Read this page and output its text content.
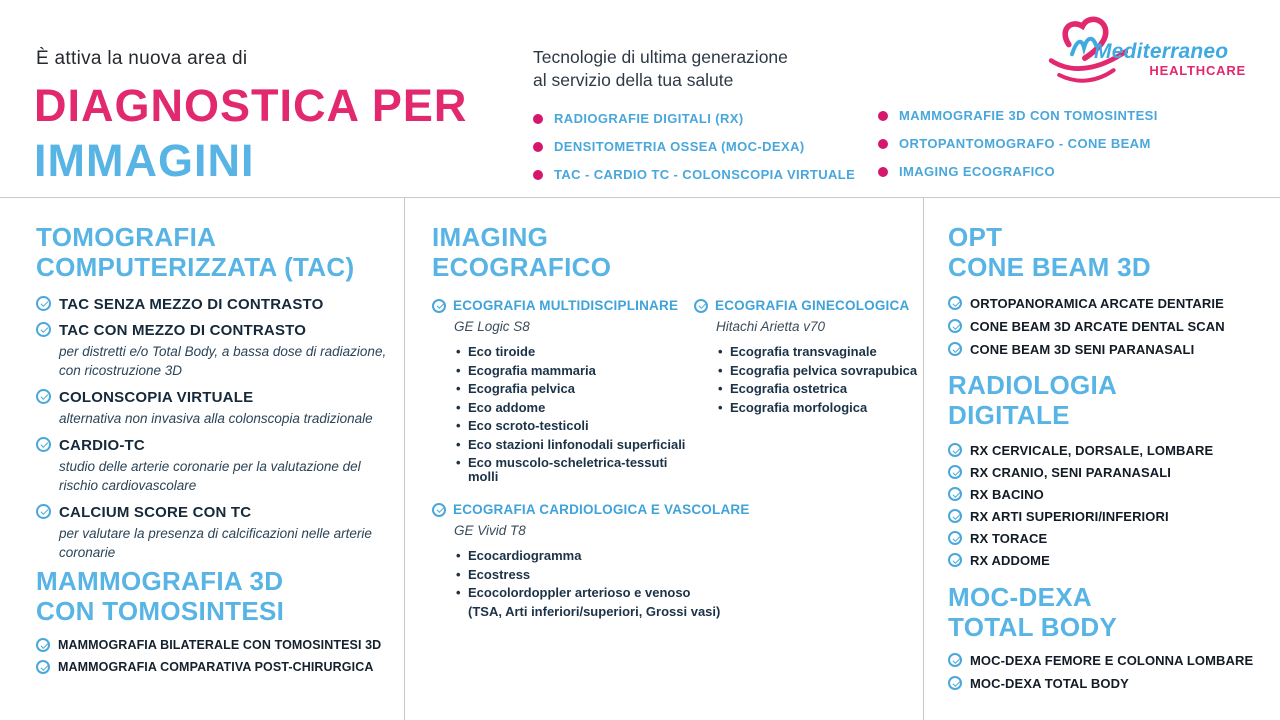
È attiva la nuova area di
DIAGNOSTICA PER
IMMAGINI
Tecnologie di ultima generazione
al servizio della tua salute
RADIOGRAFIE DIGITALI (RX)
DENSITOMETRIA OSSEA (MOC-DEXA)
TAC - CARDIO TC - COLONSCOPIA VIRTUALE
MAMMOGRAFIE 3D CON TOMOSINTESI
ORTOPANTOMOGRAFO - CONE BEAM
IMAGING ECOGRAFICO
Mediterraneo
HEALTHCARE
TOMOGRAFIA
COMPUTERIZZATA (TAC)
TAC SENZA MEZZO DI CONTRASTO
TAC CON MEZZO DI CONTRASTO
per distretti e/o Total Body, a bassa dose di radiazione, con ricostruzione 3D
COLONSCOPIA VIRTUALE
alternativa non invasiva alla colonscopia tradizionale
CARDIO-TC
studio delle arterie coronarie per la valutazione del rischio cardiovascolare
CALCIUM SCORE CON TC
per valutare la presenza di calcificazioni nelle arterie coronarie
MAMMOGRAFIA 3D
CON TOMOSINTESI
MAMMOGRAFIA BILATERALE CON TOMOSINTESI 3D
MAMMOGRAFIA COMPARATIVA POST-CHIRURGICA
IMAGING
ECOGRAFICO
ECOGRAFIA MULTIDISCIPLINARE
GE Logic S8
• Eco tiroide
• Ecografia mammaria
• Ecografia pelvica
• Eco addome
• Eco scroto-testicoli
• Eco stazioni linfonodali superficiali
• Eco muscolo-scheletrica-tessuti molli
ECOGRAFIA GINECOLOGICA
Hitachi Arietta v70
• Ecografia transvaginale
• Ecografia pelvica sovrapubica
• Ecografia ostetrica
• Ecografia morfologica
ECOGRAFIA CARDIOLOGICA E VASCOLARE
GE Vivid T8
• Ecocardiogramma
• Ecostress
• Ecocolordoppler arterioso e venoso
(TSA, Arti inferiori/superiori, Grossi vasi)
OPT
CONE BEAM 3D
ORTOPANORAMICA ARCATE DENTARIE
CONE BEAM 3D ARCATE DENTAL SCAN
CONE BEAM 3D SENI PARANASALI
RADIOLOGIA
DIGITALE
RX CERVICALE, DORSALE, LOMBARE
RX CRANIO, SENI PARANASALI
RX BACINO
RX ARTI SUPERIORI/INFERIORI
RX TORACE
RX ADDOME
MOC-DEXA
TOTAL BODY
MOC-DEXA FEMORE E COLONNA LOMBARE
MOC-DEXA TOTAL BODY
